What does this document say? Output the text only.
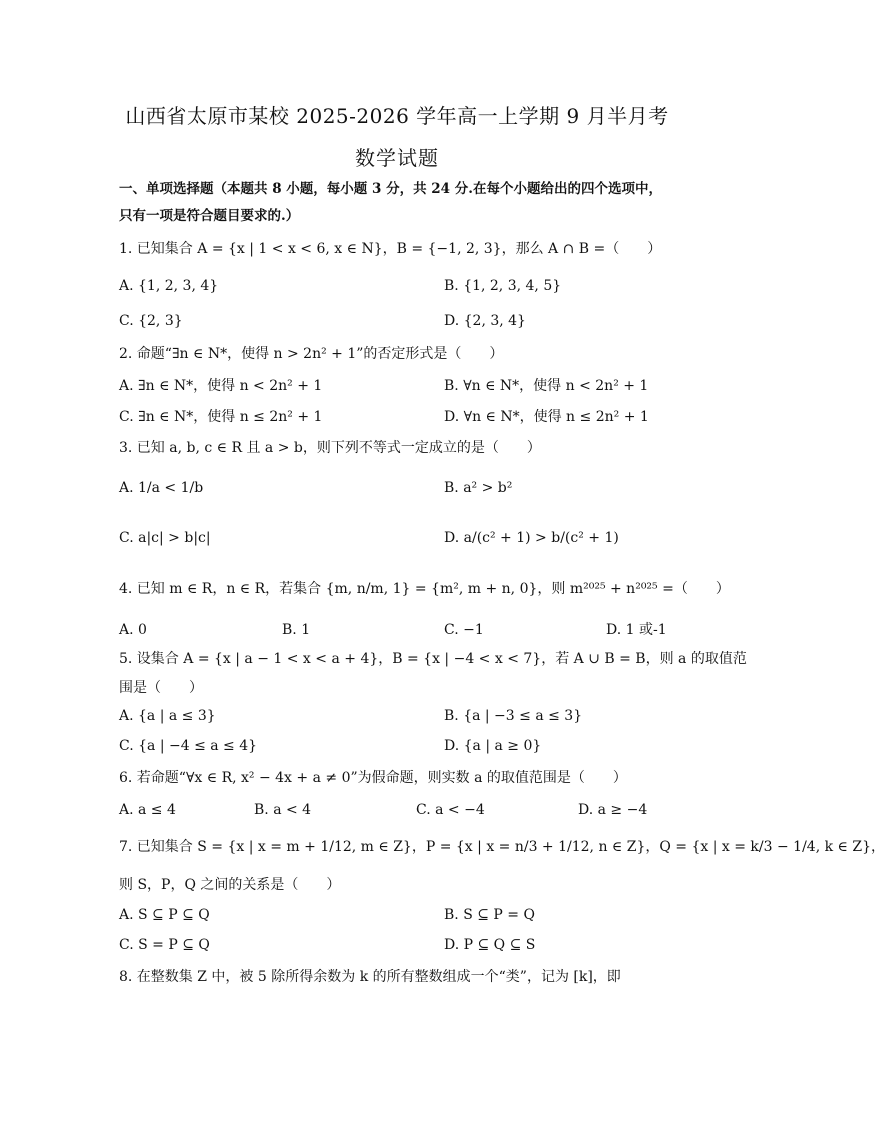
山西省太原市某校 2025-2026 学年高一上学期 9 月半月考
数学试题
一、单项选择题（本题共 8 小题，每小题 3 分，共 24 分.在每个小题给出的四个选项中，
只有一项是符合题目要求的.）
1. 已知集合 A = {x | 1 < x < 6, x ∈ N}，B = {−1, 2, 3}，那么 A ∩ B =（　　）
A. {1, 2, 3, 4}	B. {1, 2, 3, 4, 5}
C. {2, 3}	D. {2, 3, 4}
2. 命题“∃n ∈ N*，使得 n > 2n² + 1”的否定形式是（　　）
A. ∃n ∈ N*，使得 n < 2n² + 1	B. ∀n ∈ N*，使得 n < 2n² + 1
C. ∃n ∈ N*，使得 n ≤ 2n² + 1	D. ∀n ∈ N*，使得 n ≤ 2n² + 1
3. 已知 a, b, c ∈ R 且 a > b，则下列不等式一定成立的是（　　）
A. 1/a < 1/b	B. a² > b²
C. a|c| > b|c|	D. a/(c² + 1) > b/(c² + 1)
4. 已知 m ∈ R，n ∈ R，若集合 {m, n/m, 1} = {m², m + n, 0}，则 m²⁰²⁵ + n²⁰²⁵ =（　　）
A. 0	B. 1	C. −1	D. 1 或-1
5. 设集合 A = {x | a − 1 < x < a + 4}，B = {x | −4 < x < 7}，若 A ∪ B = B，则 a 的取值范
围是（　　）
A. {a | a ≤ 3}	B. {a | −3 ≤ a ≤ 3}
C. {a | −4 ≤ a ≤ 4}	D. {a | a ≥ 0}
6. 若命题“∀x ∈ R, x² − 4x + a ≠ 0”为假命题，则实数 a 的取值范围是（　　）
A. a ≤ 4	B. a < 4	C. a < −4	D. a ≥ −4
7. 已知集合 S = {x | x = m + 1/12, m ∈ Z}，P = {x | x = n/3 + 1/12, n ∈ Z}，Q = {x | x = k/3 − 1/4, k ∈ Z}，
则 S，P，Q 之间的关系是（　　）
A. S ⊆ P ⊆ Q	B. S ⊆ P = Q
C. S = P ⊆ Q	D. P ⊆ Q ⊆ S
8. 在整数集 Z 中，被 5 除所得余数为 k 的所有整数组成一个“类”，记为 [k]，即
